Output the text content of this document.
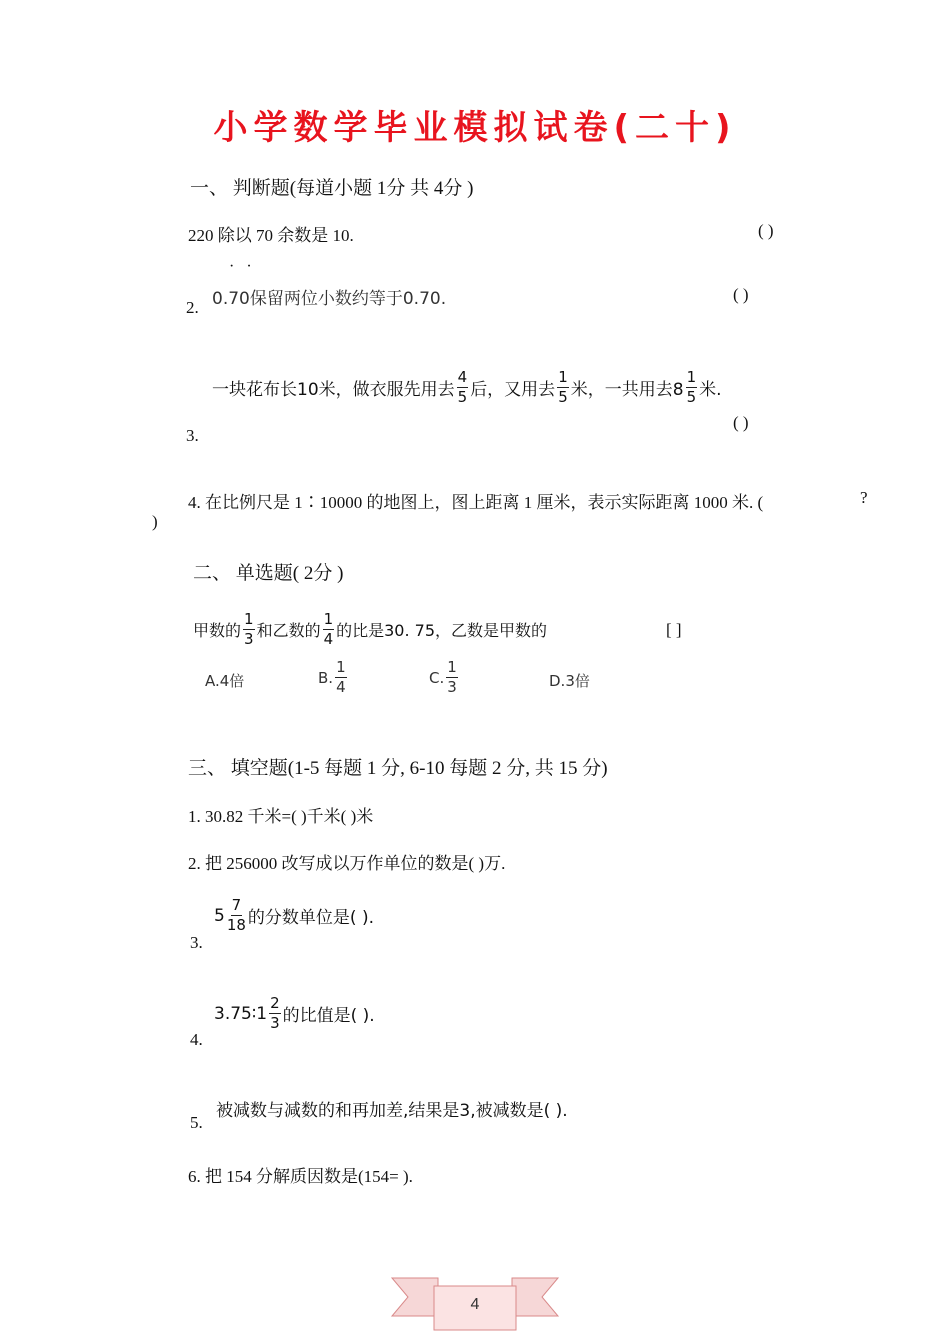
小学数学毕业模拟试卷(二十)
一、 判断题(每道小题 1分 共 4分 )
220 除以 70 余数是 10.	( )
· ·
0.70保留两位小数约等于0.70.
2.
( )
一块花布长10米，做衣服先用去 $\frac{4}{5}$ 后，又用去 $\frac{1}{5}$ 米，一共用去$8 \frac{1}{5}$ 米.
( )
3.
4. 在比例尺是 1∶10000 的地图上，图上距离 1 厘米，表示实际距离 1000 米. (	?
)
二、 单选题( 2分 )
甲数的 $\frac{1}{3}$ 和乙数的 $\frac{1}{4}$ 的比是30. 75，乙数是甲数的	[ ]
A.4倍	B. $\frac{1}{4}$	C. $\frac{1}{3}$	D.3倍
三、 填空题(1-5 每题 1 分, 6-10 每题 2 分, 共 15 分)
1. 30.82 千米=( )千米( )米
2. 把 256000 改写成以万作单位的数是( )万.
$5 \frac{7}{18}$ 的分数单位是( ).
3.
3.75∶1 $\frac{2}{3}$ 的比值是( ).
4.
被减数与减数的和再加差,结果是3,被减数是( ).
5.
6. 把 154 分解质因数是(154= ).
4
